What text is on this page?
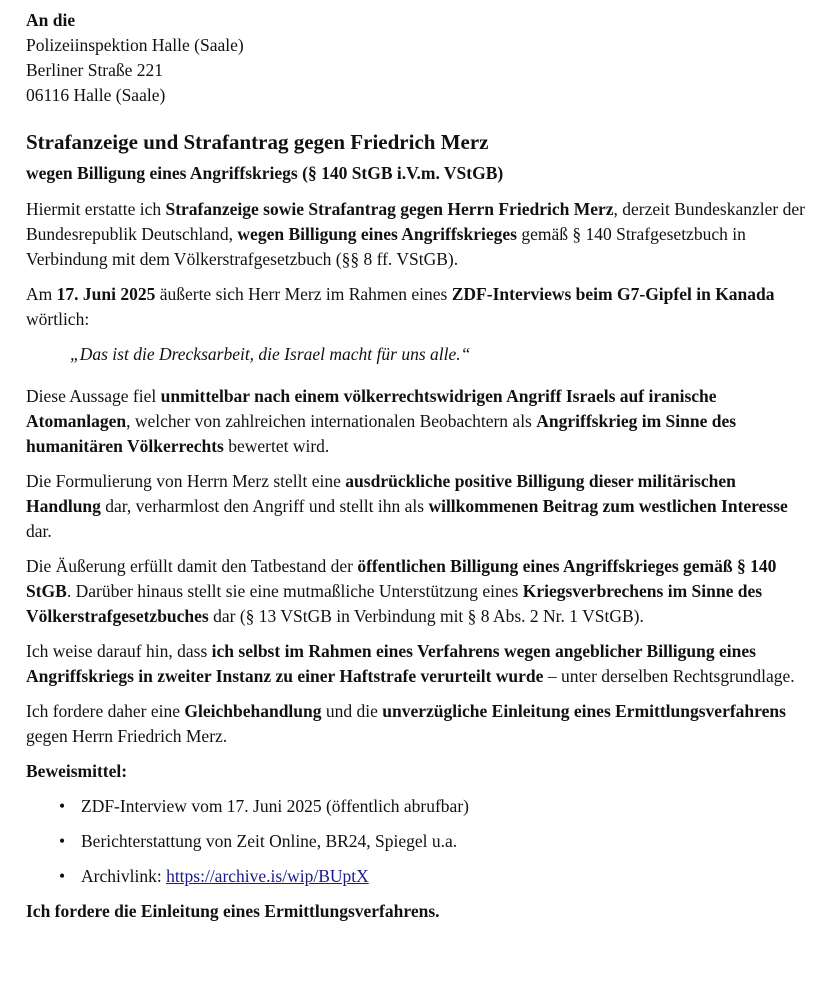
An die
Polizeiinspektion Halle (Saale)
Berliner Straße 221
06116 Halle (Saale)
Strafanzeige und Strafantrag gegen Friedrich Merz
wegen Billigung eines Angriffskriegs (§ 140 StGB i.V.m. VStGB)

Hiermit erstatte ich Strafanzeige sowie Strafantrag gegen Herrn Friedrich Merz, derzeit Bundeskanzler der Bundesrepublik Deutschland, wegen Billigung eines Angriffskrieges gemäß § 140 Strafgesetzbuch in Verbindung mit dem Völkerstrafgesetzbuch (§§ 8 ff. VStGB).

Am 17. Juni 2025 äußerte sich Herr Merz im Rahmen eines ZDF-Interviews beim G7-Gipfel in Kanada wörtlich:

„Das ist die Drecksarbeit, die Israel macht für uns alle.“

Diese Aussage fiel unmittelbar nach einem völkerrechtswidrigen Angriff Israels auf iranische Atomanlagen, welcher von zahlreichen internationalen Beobachtern als Angriffskrieg im Sinne des humanitären Völkerrechts bewertet wird.

Die Formulierung von Herrn Merz stellt eine ausdrückliche positive Billigung dieser militärischen Handlung dar, verharmlost den Angriff und stellt ihn als willkommenen Beitrag zum westlichen Interesse dar.

Die Äußerung erfüllt damit den Tatbestand der öffentlichen Billigung eines Angriffskrieges gemäß § 140 StGB. Darüber hinaus stellt sie eine mutmaßliche Unterstützung eines Kriegsverbrechens im Sinne des Völkerstrafgesetzbuches dar (§ 13 VStGB in Verbindung mit § 8 Abs. 2 Nr. 1 VStGB).

Ich weise darauf hin, dass ich selbst im Rahmen eines Verfahrens wegen angeblicher Billigung eines Angriffskriegs in zweiter Instanz zu einer Haftstrafe verurteilt wurde – unter derselben Rechtsgrundlage.

Ich fordere daher eine Gleichbehandlung und die unverzügliche Einleitung eines Ermittlungsverfahrens gegen Herrn Friedrich Merz.

Beweismittel:
• ZDF-Interview vom 17. Juni 2025 (öffentlich abrufbar)
• Berichterstattung von Zeit Online, BR24, Spiegel u.a.
• Archivlink: https://archive.is/wip/BUptX

Ich fordere die Einleitung eines Ermittlungsverfahrens.
